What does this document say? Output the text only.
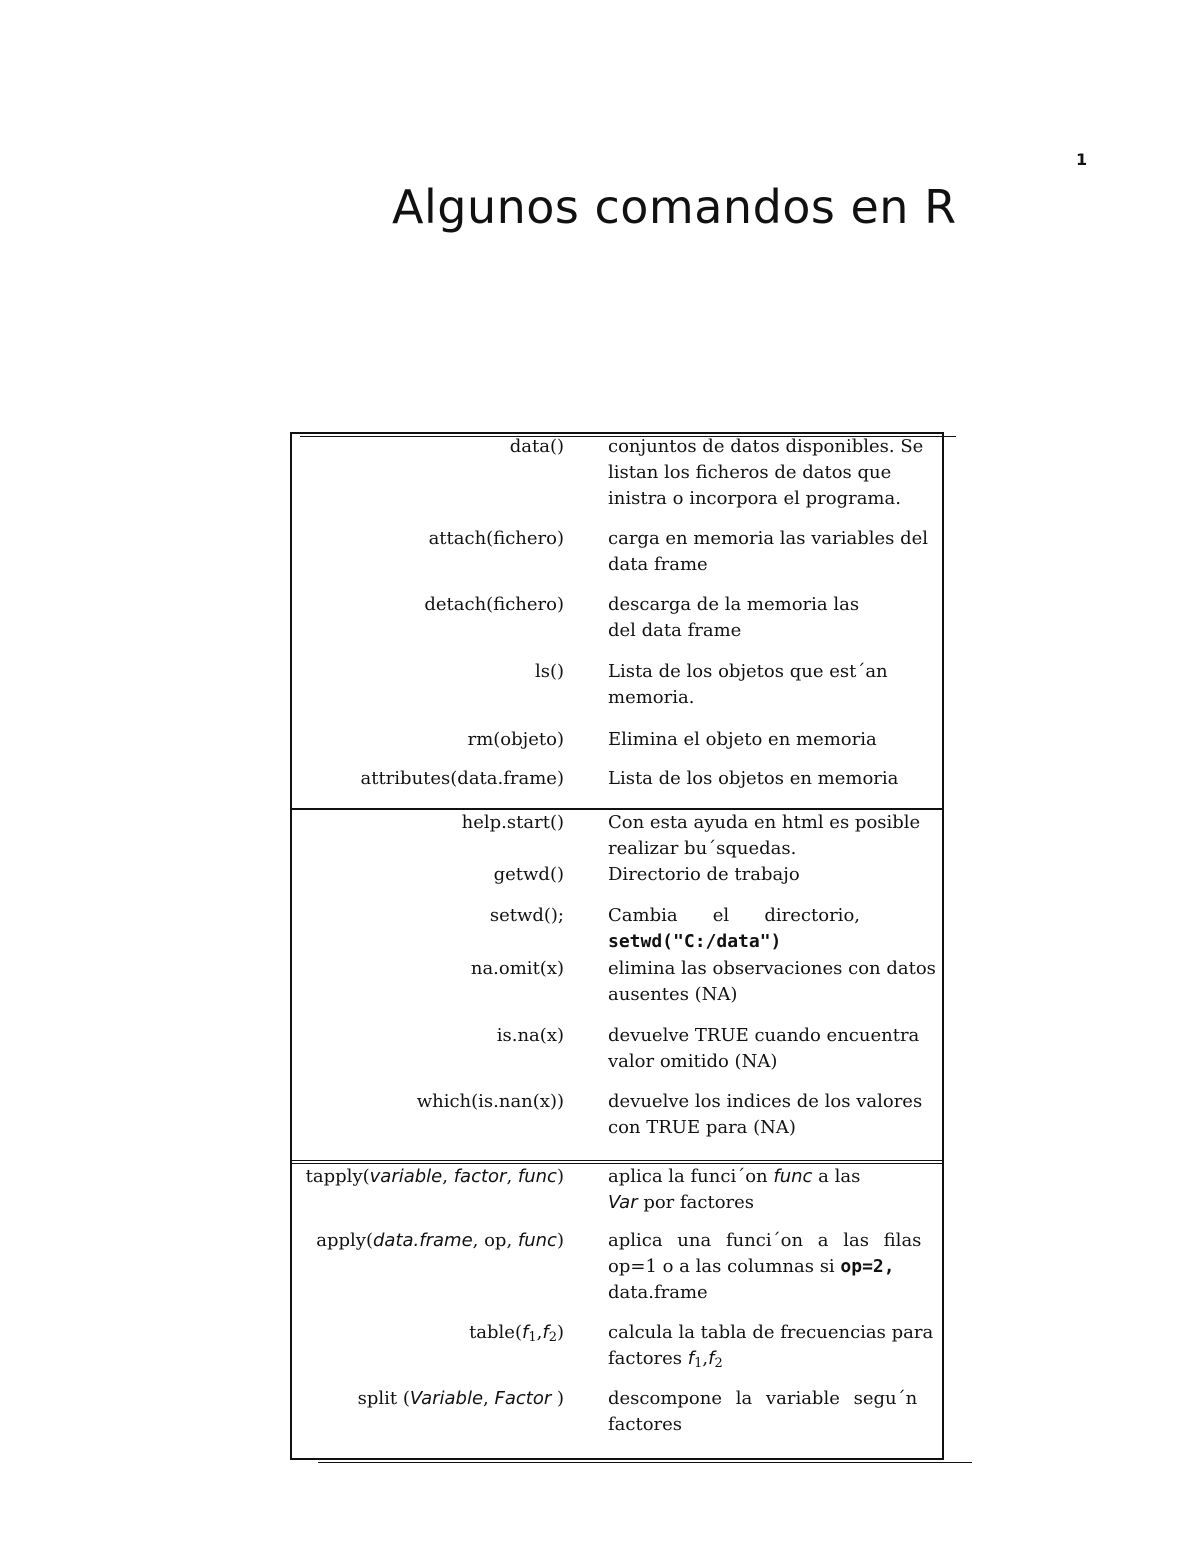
1
Algunos comandos en R
data() conjuntos de datos disponibles. Se
listan los ficheros de datos que
inistra o incorpora el programa.
attach(fichero) carga en memoria las variables del
data frame
detach(fichero) descarga de la memoria las
del data frame
ls() Lista de los objetos que est´an
memoria.
rm(objeto) Elimina el objeto en memoria
attributes(data.frame) Lista de los objetos en memoria
help.start() Con esta ayuda en html es posible
realizar bu´squedas.
getwd() Directorio de trabajo
setwd(); Cambia el directorio,
setwd("C:/data")
na.omit(x) elimina las observaciones con datos
ausentes (NA)
is.na(x) devuelve TRUE cuando encuentra
valor omitido (NA)
which(is.nan(x)) devuelve los indices de los valores
con TRUE para (NA)
tapply(variable, factor, func) aplica la funci´on func a las
Var por factores
apply(data.frame, op, func) aplica una funci´on a las filas
op=1 o a las columnas si op=2,
data.frame
$table(f_1,f_2)$ calcula la tabla de frecuencias para
factores $f_1,f_2$
split (Variable, Factor ) descompone la variable segu´n
factores
